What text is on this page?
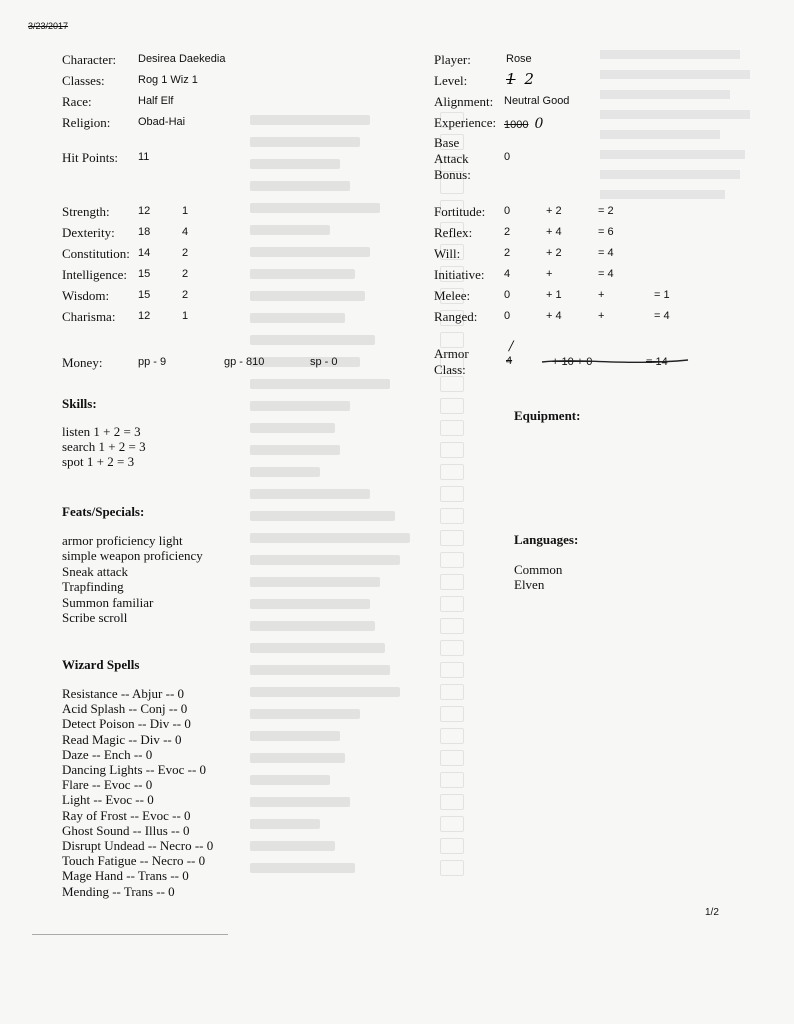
3/23/2017
Character: Desirea Daekedia
Classes:	Rog 1 Wiz 1
Race:	Half Elf
Religion:	Obad-Hai
Hit Points: 11
Player:	Rose
Level:	1 2
Alignment: Neutral Good
Experience: 1000 0
Base
Attack
Bonus:
0
Strength:	12	1
Dexterity: 18	4
Constitution: 14	2
Intelligence: 15	2
Wisdom:	15	2
Charisma: 12	1
Fortitude: 0	+ 2	= 2
Reflex:	2	+ 4	= 6
Will:	2	+ 2	= 4
Initiative: 4	+	= 4
Melee:	0	+ 1	+	= 1
Ranged: 0	+ 4	+	= 4
Money:	pp - 9	gp - 810	sp - 0
Armor
Class:
4
/
+ 10 + 0	= 14
Skills:
listen 1 + 2 = 3
search 1 + 2 = 3
spot 1 + 2 = 3
Equipment:
Feats/Specials:
armor proficiency light
simple weapon proficiency
Sneak attack
Trapfinding
Summon familiar
Scribe scroll
Languages:
Common
Elven
Wizard Spells
Resistance -- Abjur -- 0
Acid Splash -- Conj -- 0
Detect Poison -- Div -- 0
Read Magic -- Div -- 0
Daze -- Ench -- 0
Dancing Lights -- Evoc -- 0
Flare -- Evoc -- 0
Light -- Evoc -- 0
Ray of Frost -- Evoc -- 0
Ghost Sound -- Illus -- 0
Disrupt Undead -- Necro -- 0
Touch Fatigue -- Necro -- 0
Mage Hand -- Trans -- 0
Mending -- Trans -- 0
1/2
